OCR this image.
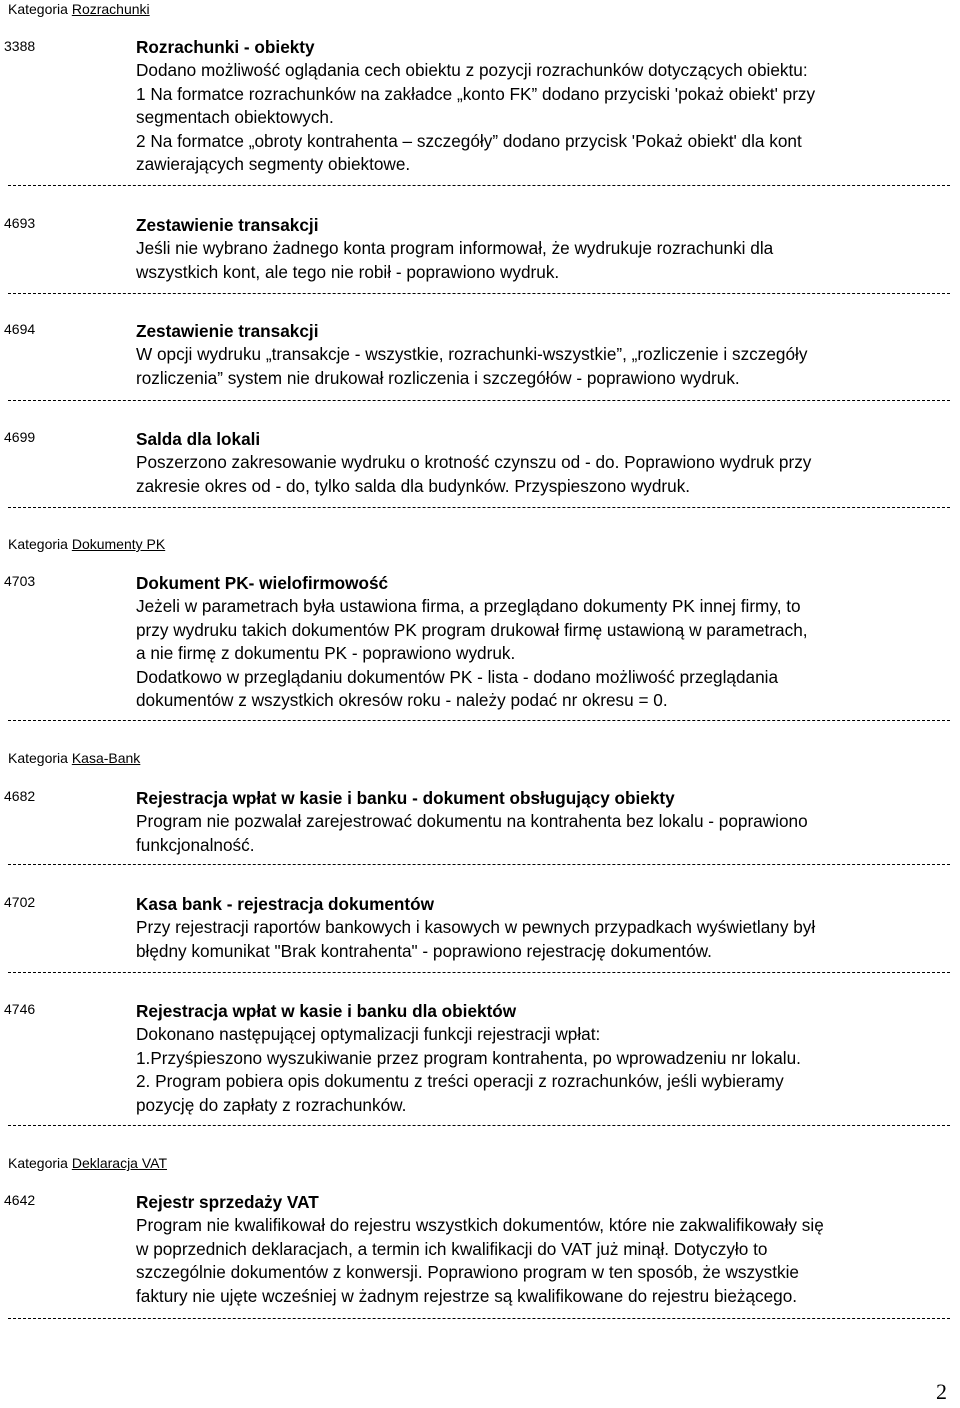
Kategoria Rozrachunki
3388	Rozrachunki - obiekty
Dodano możliwość oglądania cech obiektu z pozycji rozrachunków dotyczących obiektu:
1 Na formatce rozrachunków na zakładce „konto FK” dodano przyciski 'pokaż obiekt' przy
segmentach obiektowych.
2 Na formatce „obroty kontrahenta – szczegóły” dodano przycisk 'Pokaż obiekt' dla kont
zawierających segmenty obiektowe.
4693	Zestawienie transakcji
Jeśli nie wybrano żadnego konta program informował, że wydrukuje rozrachunki dla
wszystkich kont, ale tego nie robił - poprawiono wydruk.
4694	Zestawienie transakcji
W opcji wydruku „transakcje - wszystkie, rozrachunki-wszystkie”, „rozliczenie i szczegóły
rozliczenia” system nie drukował rozliczenia i szczegółów - poprawiono wydruk.
4699	Salda dla lokali
Poszerzono zakresowanie wydruku o krotność czynszu od - do. Poprawiono wydruk przy
zakresie okres od - do, tylko salda dla budynków. Przyspieszono wydruk.
Kategoria Dokumenty PK
4703	Dokument PK- wielofirmowość
Jeżeli w parametrach była ustawiona firma, a przeglądano dokumenty PK innej firmy, to
przy wydruku takich dokumentów PK program drukował firmę ustawioną w parametrach,
a nie firmę z dokumentu PK - poprawiono wydruk.
Dodatkowo w przeglądaniu dokumentów PK - lista - dodano możliwość przeglądania
dokumentów z wszystkich okresów roku - należy podać nr okresu = 0.
Kategoria Kasa-Bank
4682	Rejestracja wpłat w kasie i banku - dokument obsługujący obiekty
Program nie pozwalał zarejestrować dokumentu na kontrahenta bez lokalu - poprawiono
funkcjonalność.
4702	Kasa bank - rejestracja dokumentów
Przy rejestracji raportów bankowych i kasowych w pewnych przypadkach wyświetlany był
błędny komunikat "Brak kontrahenta" - poprawiono rejestrację dokumentów.
4746	Rejestracja wpłat w kasie i banku dla obiektów
Dokonano następującej optymalizacji funkcji rejestracji wpłat:
1.Przyśpieszono wyszukiwanie przez program kontrahenta, po wprowadzeniu nr lokalu.
2. Program pobiera opis dokumentu z treści operacji z rozrachunków, jeśli wybieramy
pozycję do zapłaty z rozrachunków.
Kategoria Deklaracja VAT
4642	Rejestr sprzedaży VAT
Program nie kwalifikował do rejestru wszystkich dokumentów, które nie zakwalifikowały się
w poprzednich deklaracjach, a termin ich kwalifikacji do VAT już minął. Dotyczyło to
szczególnie dokumentów z konwersji. Poprawiono program w ten sposób, że wszystkie
faktury nie ujęte wcześniej w żadnym rejestrze są kwalifikowane do rejestru bieżącego.
2
